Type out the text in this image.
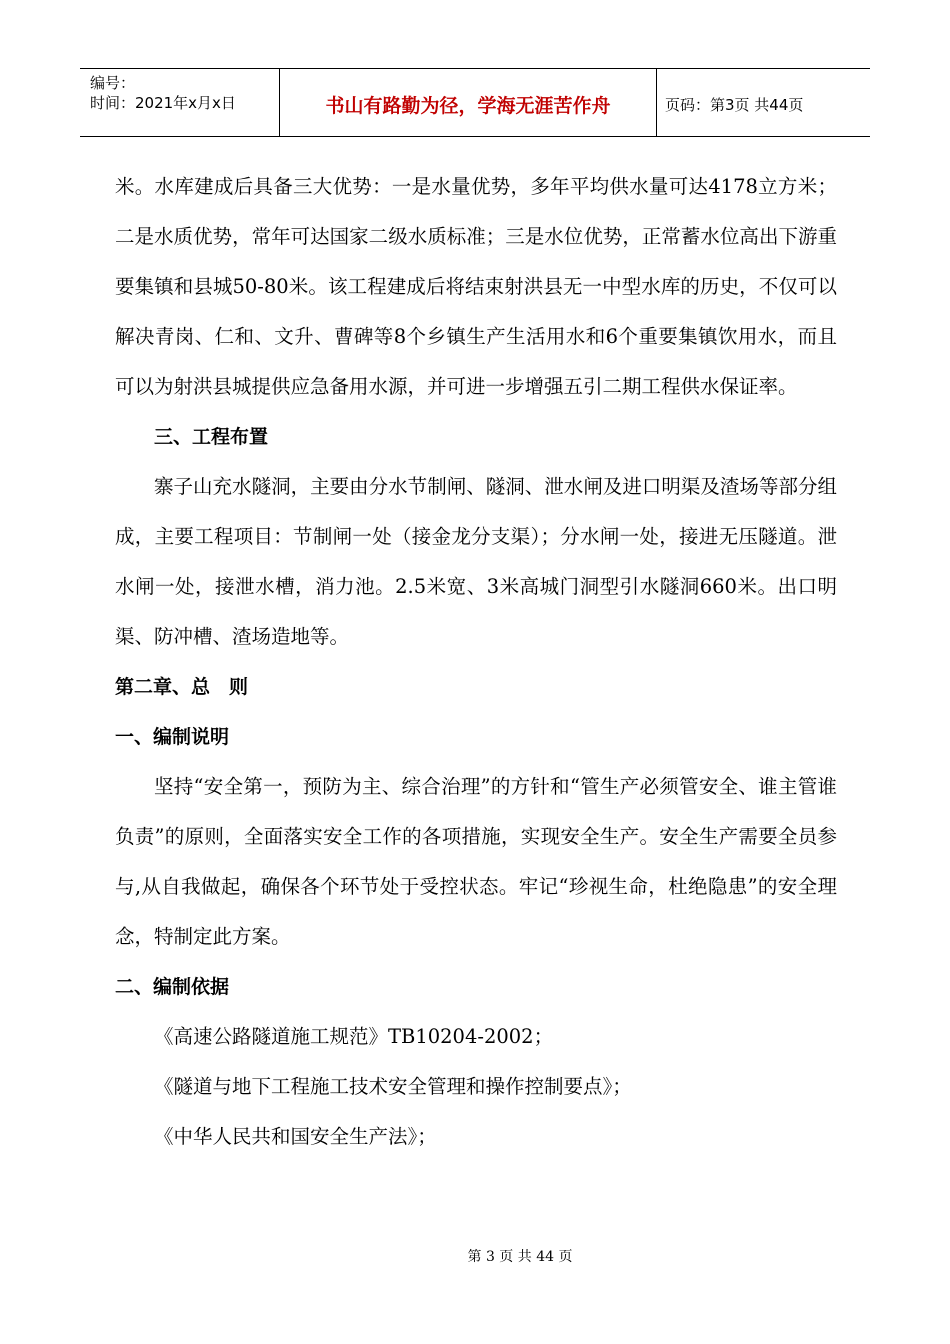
编号：
时间：2021年x月x日	书山有路勤为径，学海无涯苦作舟	页码：第3页 共44页

米。水库建成后具备三大优势：一是水量优势，多年平均供水量可达4178立方米；二是水质优势，常年可达国家二级水质标准；三是水位优势，正常蓄水位高出下游重要集镇和县城50-80米。该工程建成后将结束射洪县无一中型水库的历史，不仅可以解决青岗、仁和、文升、曹碑等8个乡镇生产生活用水和6个重要集镇饮用水，而且可以为射洪县城提供应急备用水源，并可进一步增强五引二期工程供水保证率。

三、工程布置

寨子山充水隧洞，主要由分水节制闸、隧洞、泄水闸及进口明渠及渣场等部分组成，主要工程项目：节制闸一处（接金龙分支渠）；分水闸一处，接进无压隧道。泄水闸一处，接泄水槽，消力池。2.5米宽、3米高城门洞型引水隧洞660米。出口明渠、防冲槽、渣场造地等。

第二章、总　则

一、编制说明

坚持“安全第一，预防为主、综合治理”的方针和“管生产必须管安全、谁主管谁负责”的原则，全面落实安全工作的各项措施，实现安全生产。安全生产需要全员参与,从自我做起，确保各个环节处于受控状态。牢记“珍视生命，杜绝隐患”的安全理念，特制定此方案。

二、编制依据

《高速公路隧道施工规范》TB10204-2002；

《隧道与地下工程施工技术安全管理和操作控制要点》；

《中华人民共和国安全生产法》；

第 3 页 共 44 页
